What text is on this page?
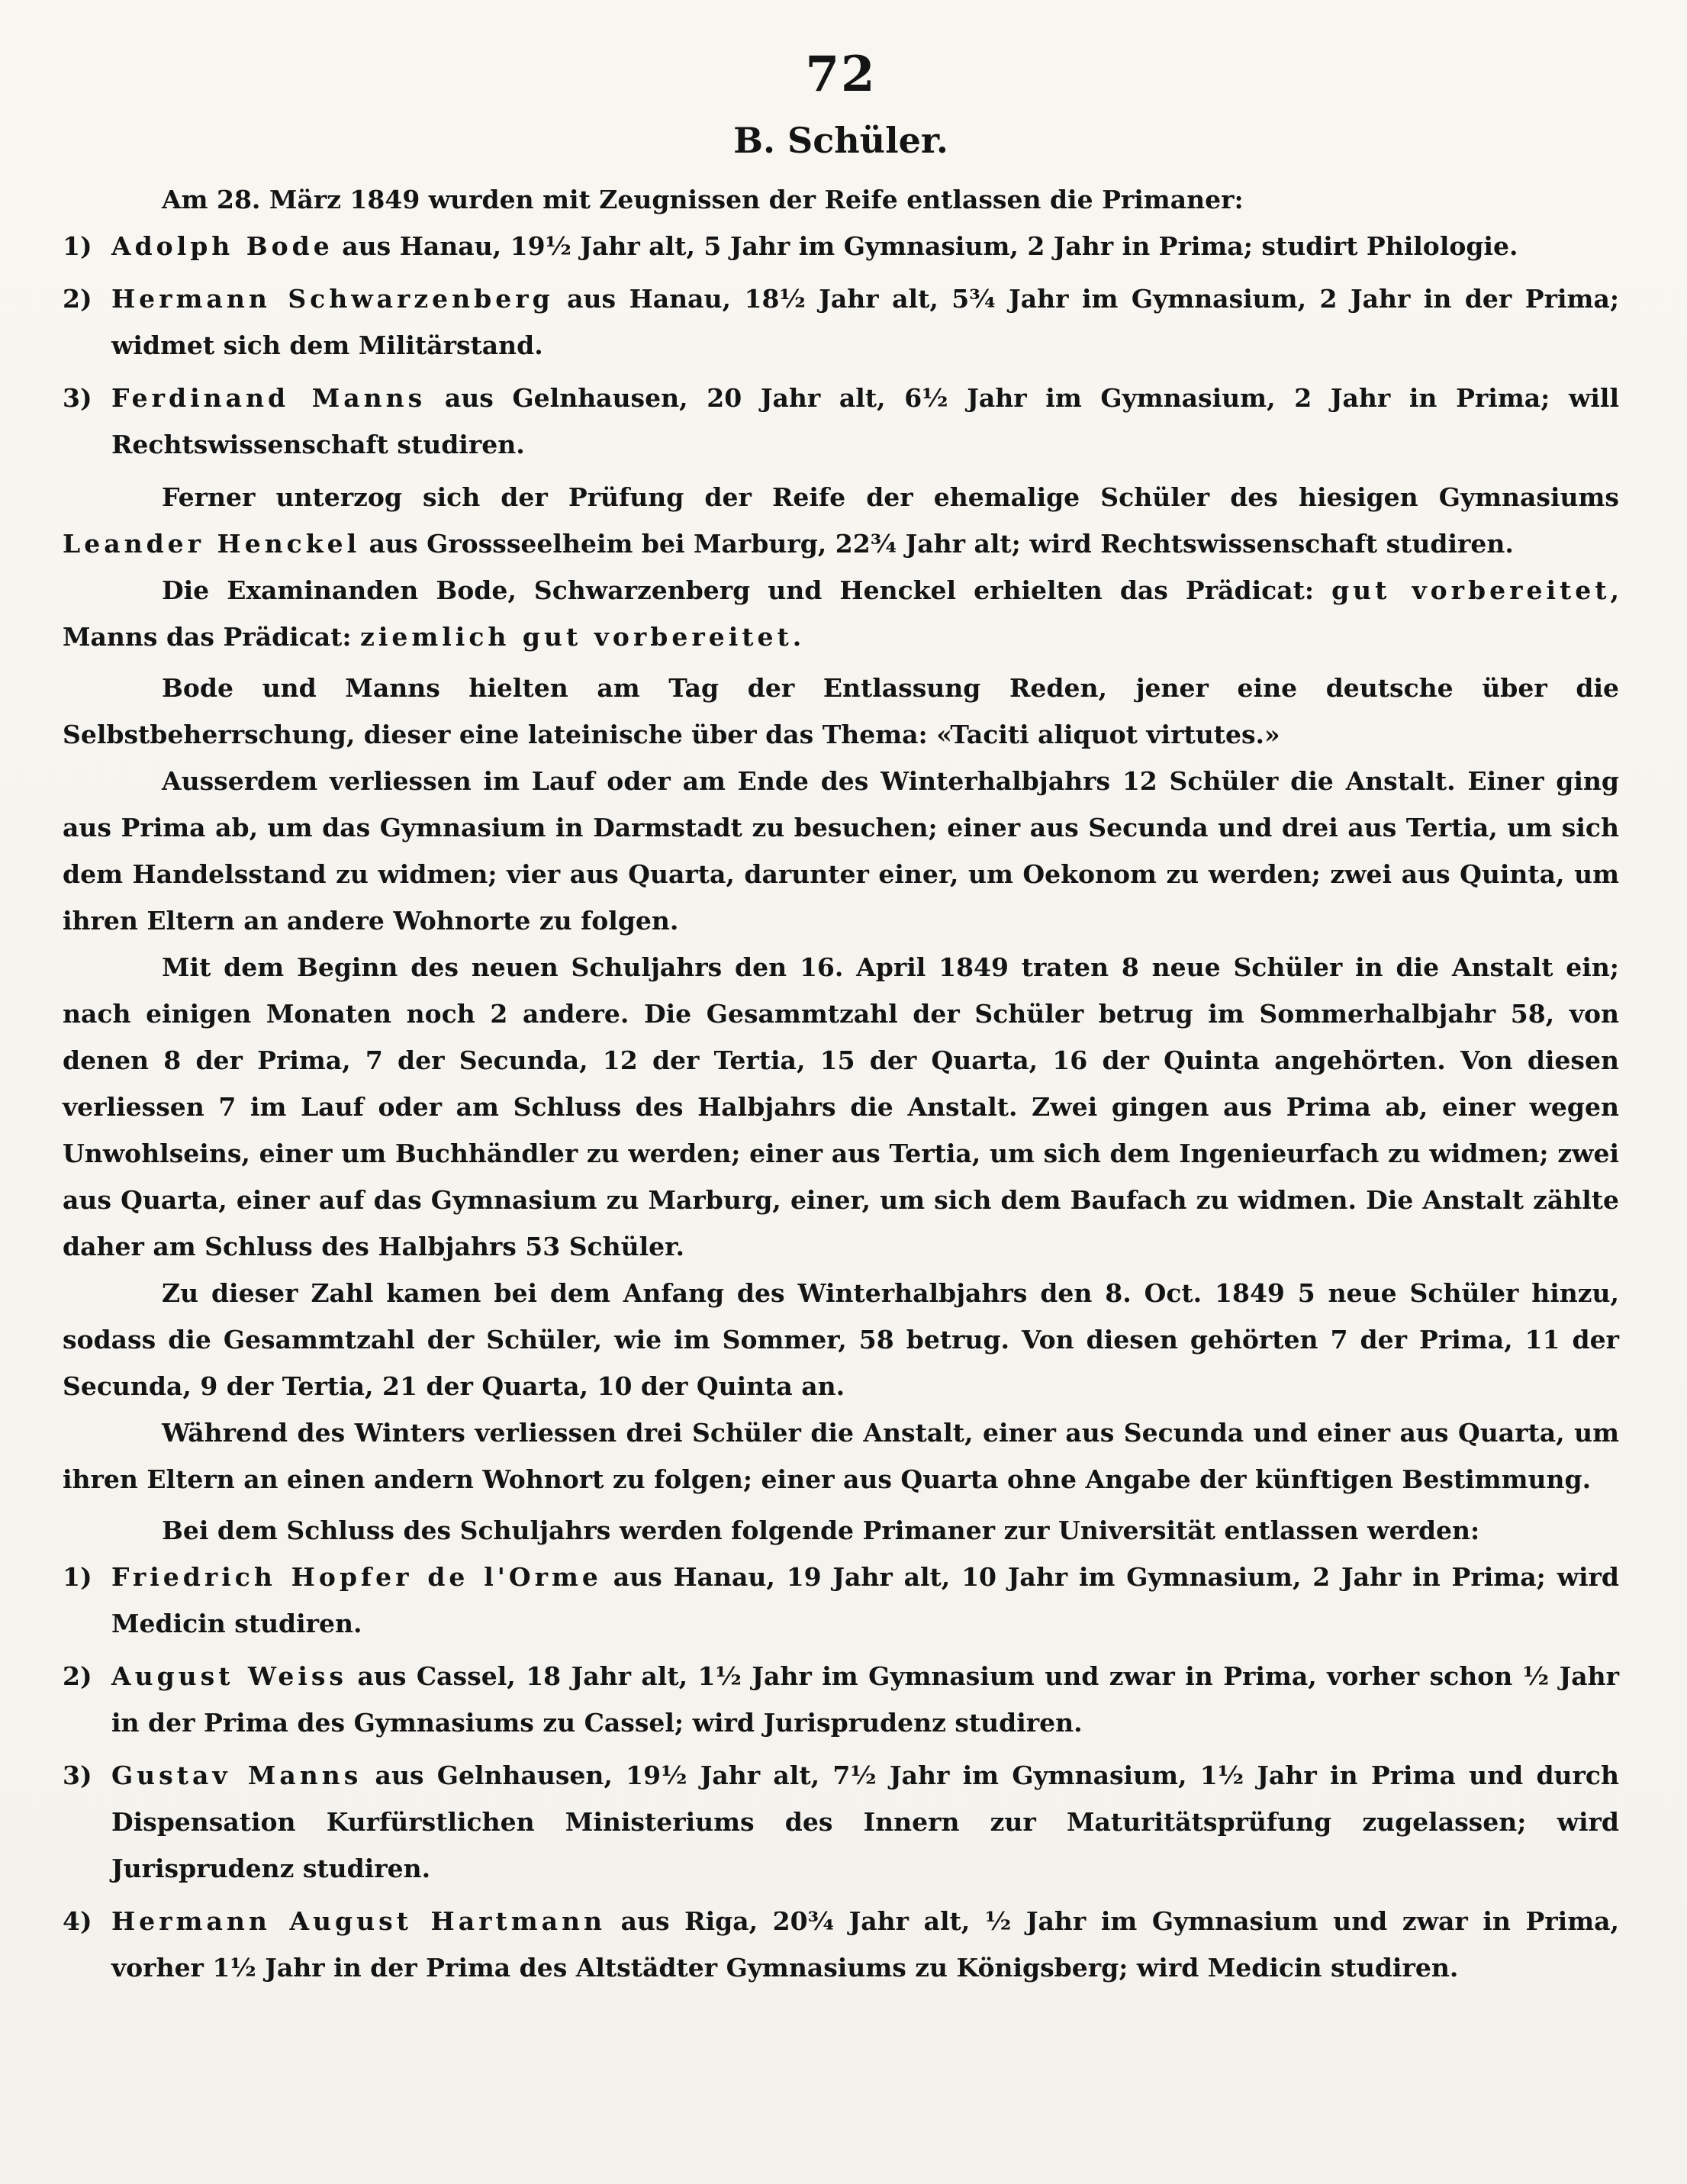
72
B. Schüler.

Am 28. März 1849 wurden mit Zeugnissen der Reife entlassen die Primaner:

1) Adolph Bode aus Hanau, 19½ Jahr alt, 5 Jahr im Gymnasium, 2 Jahr in Prima; studirt Philologie.
2) Hermann Schwarzenberg aus Hanau, 18½ Jahr alt, 5¾ Jahr im Gymnasium, 2 Jahr in der Prima; widmet sich dem Militärstand.
3) Ferdinand Manns aus Gelnhausen, 20 Jahr alt, 6½ Jahr im Gymnasium, 2 Jahr in Prima; will Rechtswissenschaft studiren.

Ferner unterzog sich der Prüfung der Reife der ehemalige Schüler des hiesigen Gymnasiums Leander Henckel aus Grossseelheim bei Marburg, 22¾ Jahr alt; wird Rechtswissenschaft studiren.

Die Examinanden Bode, Schwarzenberg und Henckel erhielten das Prädicat: gut vorbereitet, Manns das Prädicat: ziemlich gut vorbereitet.

Bode und Manns hielten am Tag der Entlassung Reden, jener eine deutsche über die Selbstbeherrschung, dieser eine lateinische über das Thema: «Taciti aliquot virtutes.»

Ausserdem verliessen im Lauf oder am Ende des Winterhalbjahrs 12 Schüler die Anstalt. Einer ging aus Prima ab, um das Gymnasium in Darmstadt zu besuchen; einer aus Secunda und drei aus Tertia, um sich dem Handelsstand zu widmen; vier aus Quarta, darunter einer, um Oekonom zu werden; zwei aus Quinta, um ihren Eltern an andere Wohnorte zu folgen.

Mit dem Beginn des neuen Schuljahrs den 16. April 1849 traten 8 neue Schüler in die Anstalt ein; nach einigen Monaten noch 2 andere. Die Gesammtzahl der Schüler betrug im Sommerhalbjahr 58, von denen 8 der Prima, 7 der Secunda, 12 der Tertia, 15 der Quarta, 16 der Quinta angehörten. Von diesen verliessen 7 im Lauf oder am Schluss des Halbjahrs die Anstalt. Zwei gingen aus Prima ab, einer wegen Unwohlseins, einer um Buchhändler zu werden; einer aus Tertia, um sich dem Ingenieurfach zu widmen; zwei aus Quarta, einer auf das Gymnasium zu Marburg, einer, um sich dem Baufach zu widmen. Die Anstalt zählte daher am Schluss des Halbjahrs 53 Schüler.

Zu dieser Zahl kamen bei dem Anfang des Winterhalbjahrs den 8. Oct. 1849 5 neue Schüler hinzu, sodass die Gesammtzahl der Schüler, wie im Sommer, 58 betrug. Von diesen gehörten 7 der Prima, 11 der Secunda, 9 der Tertia, 21 der Quarta, 10 der Quinta an.

Während des Winters verliessen drei Schüler die Anstalt, einer aus Secunda und einer aus Quarta, um ihren Eltern an einen andern Wohnort zu folgen; einer aus Quarta ohne Angabe der künftigen Bestimmung.

Bei dem Schluss des Schuljahrs werden folgende Primaner zur Universität entlassen werden:

1) Friedrich Hopfer de l'Orme aus Hanau, 19 Jahr alt, 10 Jahr im Gymnasium, 2 Jahr in Prima; wird Medicin studiren.
2) August Weiss aus Cassel, 18 Jahr alt, 1½ Jahr im Gymnasium und zwar in Prima, vorher schon ½ Jahr in der Prima des Gymnasiums zu Cassel; wird Jurisprudenz studiren.
3) Gustav Manns aus Gelnhausen, 19½ Jahr alt, 7½ Jahr im Gymnasium, 1½ Jahr in Prima und durch Dispensation Kurfürstlichen Ministeriums des Innern zur Maturitätsprüfung zugelassen; wird Jurisprudenz studiren.
4) Hermann August Hartmann aus Riga, 20¾ Jahr alt, ½ Jahr im Gymnasium und zwar in Prima, vorher 1½ Jahr in der Prima des Altstädter Gymnasiums zu Königsberg; wird Medicin studiren.
